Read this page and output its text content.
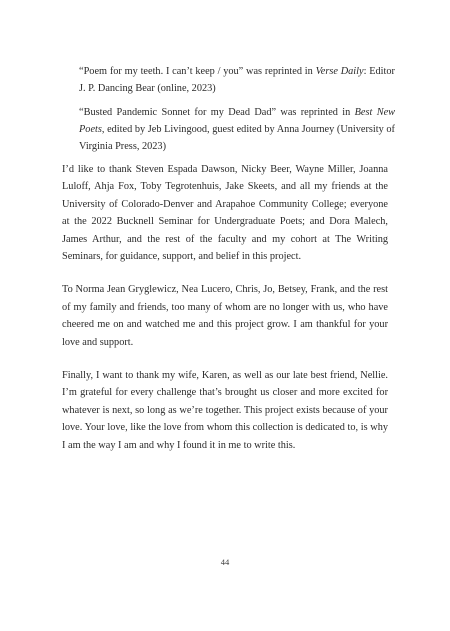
“Poem for my teeth. I can’t keep / you” was reprinted in Verse Daily: Editor J. P. Dancing Bear (online, 2023)

“Busted Pandemic Sonnet for my Dead Dad” was reprinted in Best New Poets, edited by Jeb Livingood, guest edited by Anna Journey (University of Virginia Press, 2023)

I’d like to thank Steven Espada Dawson, Nicky Beer, Wayne Miller, Joanna Luloff, Ahja Fox, Toby Tegrotenhuis, Jake Skeets, and all my friends at the University of Colorado-Denver and Arapahoe Community College; everyone at the 2022 Bucknell Seminar for Undergraduate Poets; and Dora Malech, James Arthur, and the rest of the faculty and my cohort at The Writing Seminars, for guidance, support, and belief in this project.

To Norma Jean Gryglewicz, Nea Lucero, Chris, Jo, Betsey, Frank, and the rest of my family and friends, too many of whom are no longer with us, who have cheered me on and watched me and this project grow. I am thankful for your love and support.

Finally, I want to thank my wife, Karen, as well as our late best friend, Nellie. I’m grateful for every challenge that’s brought us closer and more excited for whatever is next, so long as we’re together. This project exists because of your love. Your love, like the love from whom this collection is dedicated to, is why I am the way I am and why I found it in me to write this.

44
